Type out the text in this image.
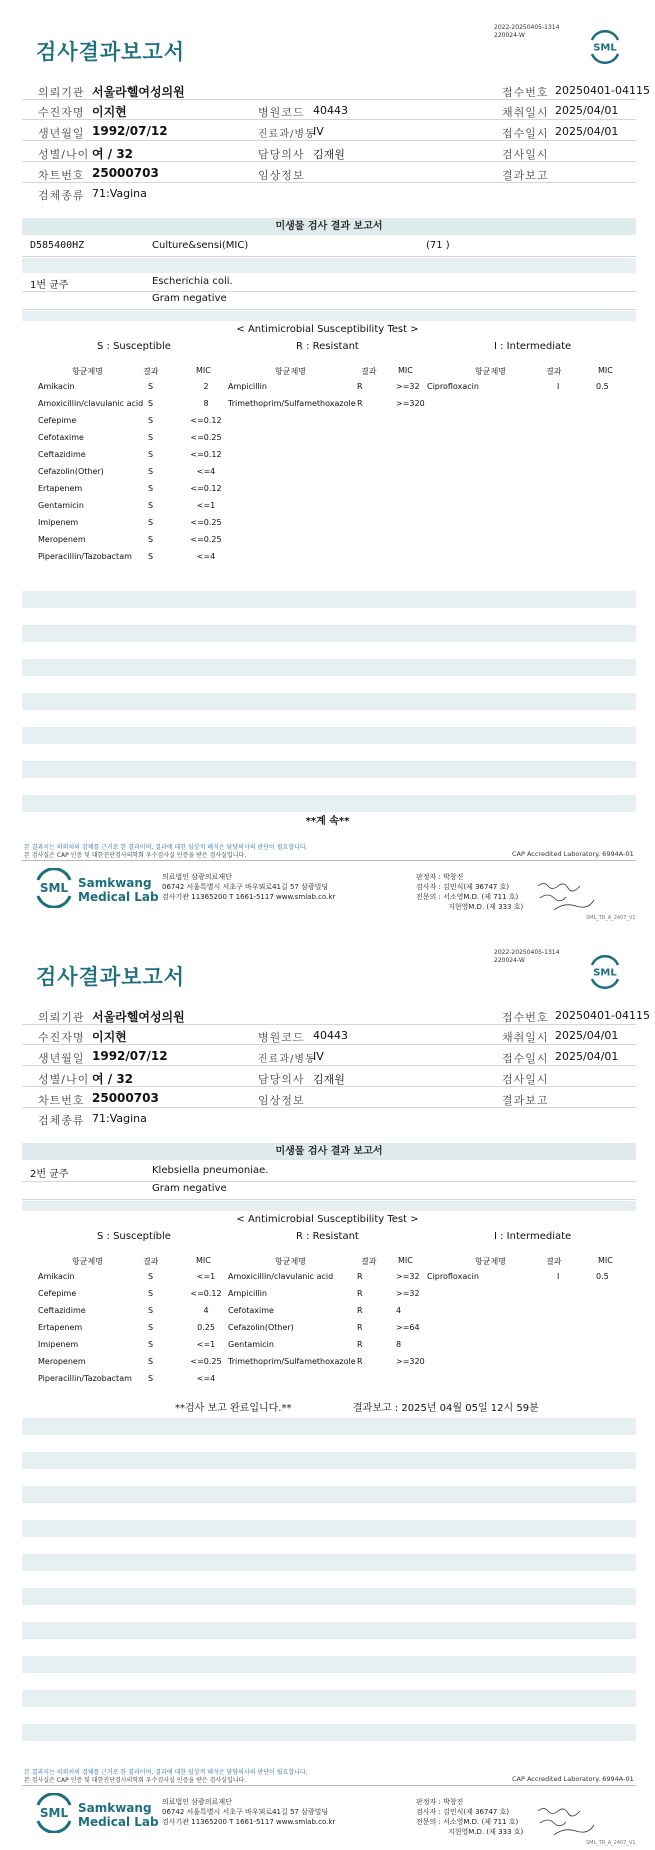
검사결과보고서
2022-20250405-1314
220024-W
SML
의뢰기관 서울라헬여성의원	접수번호 20250401-04115
수진자명 이지현	병원코드 40443	채취일시 2025/04/01
생년월일 1992/07/12	진료과/병동
IV	접수일시 2025/04/01
성별/나이 여 / 32	담당의사 김재원	검사일시
차트번호 25000703	임상정보	결과보고
검체종류 71:Vagina
미생물 검사 결과 보고서
D585400HZ	Culture&sensi(MIC)	(71 )
1번 균주	Escherichia coli.
Gram negative
< Antimicrobial Susceptibility Test >
S : Susceptible	R : Resistant	I : Intermediate
항균제명	결과	MIC	항균제명	결과	MIC	항균제명	결과	MIC
Amikacin	S	2	Ampicillin	R	>=32 Ciprofloxacin	I	0.5
Amoxicillin/clavulanic acid S	8	Trimethoprim/Sulfamethoxazole R	>=320
Cefepime	S	<=0.12
Cefotaxime	S	<=0.25
Ceftazidime	S	<=0.12
Cefazolin(Other)	S	<=4
Ertapenem	S	<=0.12
Gentamicin	S	<=1
Imipenem	S	<=0.25
Meropenem	S	<=0.25
Piperacillin/Tazobactam S	<=4
**계 속**
본 결과지는 의뢰처의 검체를 근거로 한 결과이며, 결과에 대한 임상적 해석은 담당의사의 판단이 필요합니다.
본 검사실은 CAP 인증 및 대한진단검사의학회 우수검사실 인증을 받은 검사실입니다.	CAP Accredited Laboratory. 6994A-01
SML Samkwang
Medical Lab
의료법인 삼광의료재단
06742 서울특별시 서초구 바우뫼로41길 57 삼광빌딩
검사기관 11365200 T 1661-5117 www.smlab.co.kr
판정자 : 박창진
검사자 : 김민식(제 36747 호)
전문의 : 서소영M.D. (제 711 호)
지현영M.D. (제 333 호)
SML_TR_A_2407_V1
검사결과보고서
2022-20250405-1314
220024-W
SML
의뢰기관 서울라헬여성의원	접수번호 20250401-04115
수진자명 이지현	병원코드 40443	채취일시 2025/04/01
생년월일 1992/07/12	진료과/병동
IV	접수일시 2025/04/01
성별/나이 여 / 32	담당의사 김재원	검사일시
차트번호 25000703	임상정보	결과보고
검체종류 71:Vagina
미생물 검사 결과 보고서
2번 균주	Klebsiella pneumoniae.
Gram negative
< Antimicrobial Susceptibility Test >
S : Susceptible	R : Resistant	I : Intermediate
항균제명	결과	MIC	항균제명	결과	MIC	항균제명	결과	MIC
Amikacin	S	<=1	Amoxicillin/clavulanic acid	R	>=32 Ciprofloxacin	I	0.5
Cefepime	S	<=0.12 Ampicillin	R	>=32
Ceftazidime	S	4	Cefotaxime	R	4
Ertapenem	S	0.25	Cefazolin(Other)	R	>=64
Imipenem	S	<=1	Gentamicin	R	8
Meropenem	S	<=0.25 Trimethoprim/Sulfamethoxazole R	>=320
Piperacillin/Tazobactam S	<=4
**검사 보고 완료입니다.**	결과보고 : 2025년 04월 05일 12시 59분
본 결과지는 의뢰처의 검체를 근거로 한 결과이며, 결과에 대한 임상적 해석은 담당의사의 판단이 필요합니다.
본 검사실은 CAP 인증 및 대한진단검사의학회 우수검사실 인증을 받은 검사실입니다.	CAP Accredited Laboratory. 6994A-01
SML Samkwang
Medical Lab
의료법인 삼광의료재단
06742 서울특별시 서초구 바우뫼로41길 57 삼광빌딩
검사기관 11365200 T 1661-5117 www.smlab.co.kr
판정자 : 박창진
검사자 : 김민식(제 36747 호)
전문의 : 서소영M.D. (제 711 호)
지현영M.D. (제 333 호)
SML_TR_A_2407_V1
